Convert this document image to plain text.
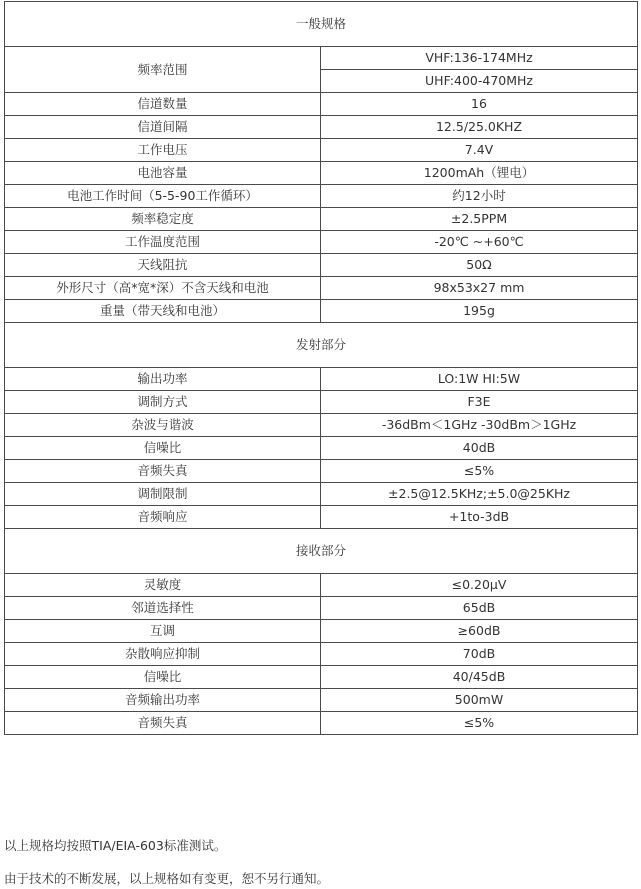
一般规格	
频率范围	VHF:136-174MHz
	UHF:400-470MHz
信道数量	16
信道间隔	12.5/25.0KHZ
工作电压	7.4V
电池容量	1200mAh（锂电）
电池工作时间（5-5-90工作循环）	约12小时
频率稳定度	±2.5PPM
工作温度范围	-20℃ ~+60℃
天线阻抗	50Ω
外形尺寸（高*宽*深）不含天线和电池	98x53x27 mm
重量（带天线和电池）	195g
发射部分	
输出功率	LO:1W HI:5W
调制方式	F3E
杂波与谐波	-36dBm＜1GHz -30dBm＞1GHz
信噪比	40dB
音频失真	≤5%
调制限制	±2.5@12.5KHz;±5.0@25KHz
音频响应	+1to-3dB
接收部分	
灵敏度	≤0.20μV
邻道选择性	65dB
互调	≥60dB
杂散响应抑制	70dB
信噪比	40/45dB
音频输出功率	500mW
音频失真	≤5%
以上规格均按照TIA/EIA-603标准测试。
由于技术的不断发展，以上规格如有变更，恕不另行通知。
